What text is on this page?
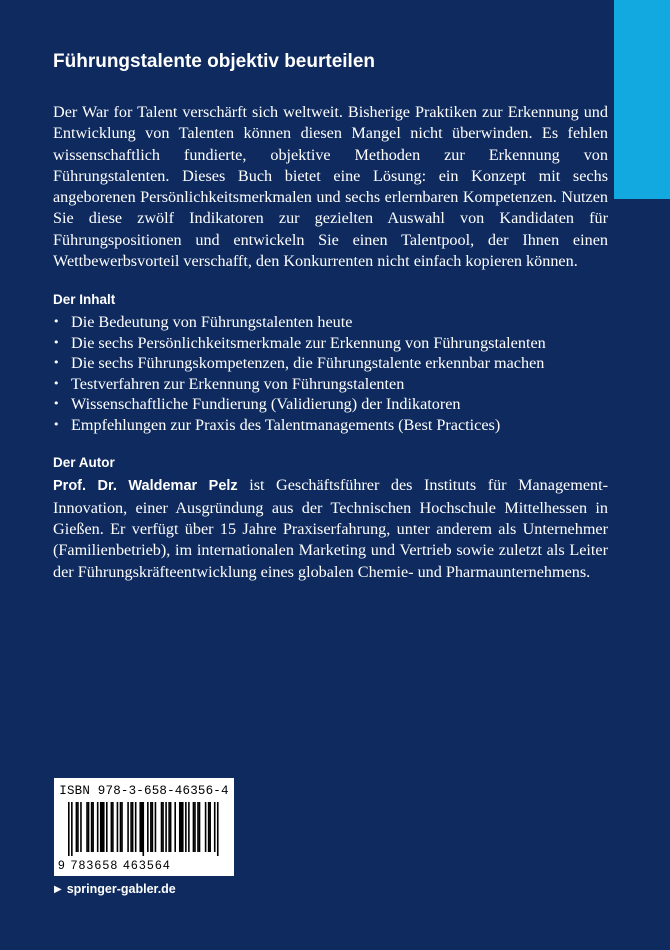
Führungstalente objektiv beurteilen

Der War for Talent verschärft sich weltweit. Bisherige Praktiken zur Erkennung und Entwicklung von Talenten können diesen Mangel nicht überwinden. Es fehlen wissenschaftlich fundierte, objektive Methoden zur Erkennung von Führungstalenten. Dieses Buch bietet eine Lösung: ein Konzept mit sechs angeborenen Persönlichkeitsmerkmalen und sechs erlernbaren Kompetenzen. Nutzen Sie diese zwölf Indikatoren zur gezielten Auswahl von Kandidaten für Führungspositionen und entwickeln Sie einen Talentpool, der Ihnen einen Wettbewerbsvorteil verschafft, den Konkurrenten nicht einfach kopieren können.

Der Inhalt
• Die Bedeutung von Führungstalenten heute
• Die sechs Persönlichkeitsmerkmale zur Erkennung von Führungstalenten
• Die sechs Führungskompetenzen, die Führungstalente erkennbar machen
• Testverfahren zur Erkennung von Führungstalenten
• Wissenschaftliche Fundierung (Validierung) der Indikatoren
• Empfehlungen zur Praxis des Talentmanagements (Best Practices)
Der Autor

Prof. Dr. Waldemar Pelz ist Geschäftsführer des Instituts für Management-Innovation, einer Ausgründung aus der Technischen Hochschule Mittelhessen in Gießen. Er verfügt über 15 Jahre Praxiserfahrung, unter anderem als Unternehmer (Familienbetrieb), im internationalen Marketing und Vertrieb sowie zuletzt als Leiter der Führungskräfteentwicklung eines globalen Chemie- und Pharmaunternehmens.

ISBN 978-3-658-46356-4
9 783658 463564
▶ springer-gabler.de
